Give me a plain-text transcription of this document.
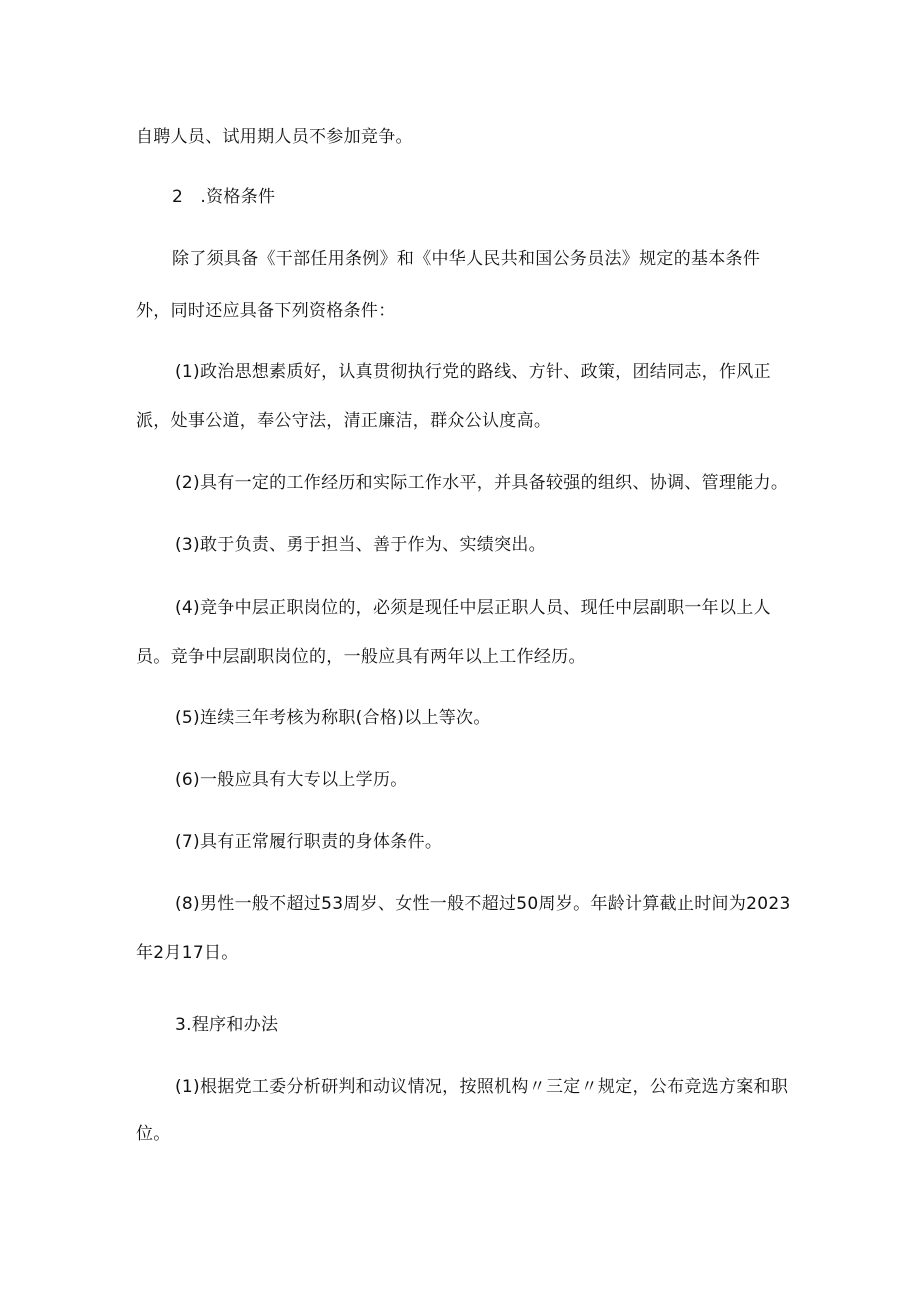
自聘人员、试用期人员不参加竞争。
2　.资格条件
除了须具备《干部任用条例》和《中华人民共和国公务员法》规定的基本条件
外，同时还应具备下列资格条件：
(1)政治思想素质好，认真贯彻执行党的路线、方针、政策，团结同志，作风正
派，处事公道，奉公守法，清正廉洁，群众公认度高。
(2)具有一定的工作经历和实际工作水平，并具备较强的组织、协调、管理能力。
(3)敢于负责、勇于担当、善于作为、实绩突出。
(4)竞争中层正职岗位的，必须是现任中层正职人员、现任中层副职一年以上人
员。竞争中层副职岗位的，一般应具有两年以上工作经历。
(5)连续三年考核为称职(合格)以上等次。
(6)一般应具有大专以上学历。
(7)具有正常履行职责的身体条件。
(8)男性一般不超过53周岁、女性一般不超过50周岁。年龄计算截止时间为2023
年2月17日。
3.程序和办法
(1)根据党工委分析研判和动议情况，按照机构〃三定〃规定，公布竞选方案和职
位。
